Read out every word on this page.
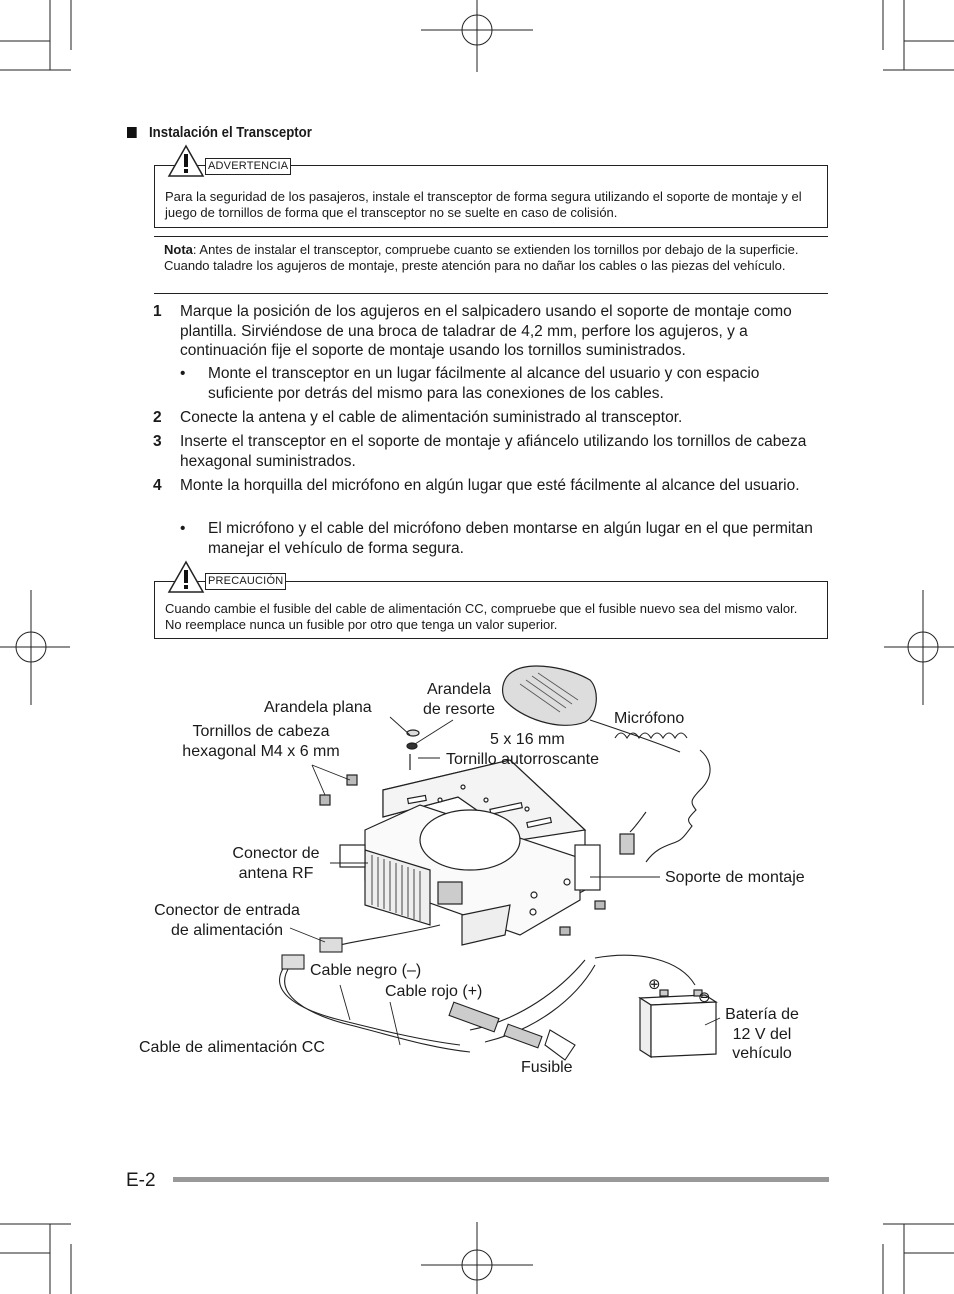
Instalación el Transceptor
Para la seguridad de los pasajeros, instale el transceptor de forma segura utilizando el soporte de montaje y el juego de tornillos de forma que el transceptor no se suelte en caso de colisión.
ADVERTENCIA
Nota: Antes de instalar el transceptor, compruebe cuanto se extienden los tornillos por debajo de la superficie. Cuando taladre los agujeros de montaje, preste atención para no dañar los cables o las piezas del vehículo.
1 Marque la posición de los agujeros en el salpicadero usando el soporte de montaje como plantilla. Sirviéndose de una broca de taladrar de 4,2 mm, perfore los agujeros, y a continuación fije el soporte de montaje usando los tornillos suministrados.
• Monte el transceptor en un lugar fácilmente al alcance del usuario y con espacio suficiente por detrás del mismo para las conexiones de los cables.
2 Conecte la antena y el cable de alimentación suministrado al transceptor.
3 Inserte el transceptor en el soporte de montaje y afiáncelo utilizando los tornillos de cabeza hexagonal suministrados.
4 Monte la horquilla del micrófono en algún lugar que esté fácilmente al alcance del usuario.
• El micrófono y el cable del micrófono deben montarse en algún lugar en el que permitan manejar el vehículo de forma segura.
Cuando cambie el fusible del cable de alimentación CC, compruebe que el fusible nuevo sea del mismo valor. No reemplace nunca un fusible por otro que tenga un valor superior.
PRECAUCIÓN
Arandela plana
Arandela
de resorte
Micrófono
Tornillos de cabeza
hexagonal M4 x 6 mm
5 x 16 mm
Tornillo autorroscante
Conector de
antena RF	Soporte de montaje
Conector de entrada
de alimentación
Cable negro (–)
Cable rojo (+)
Cable de alimentación CC
Fusible
Batería de
12 V del
vehículo
⊕
⊖
E-2
